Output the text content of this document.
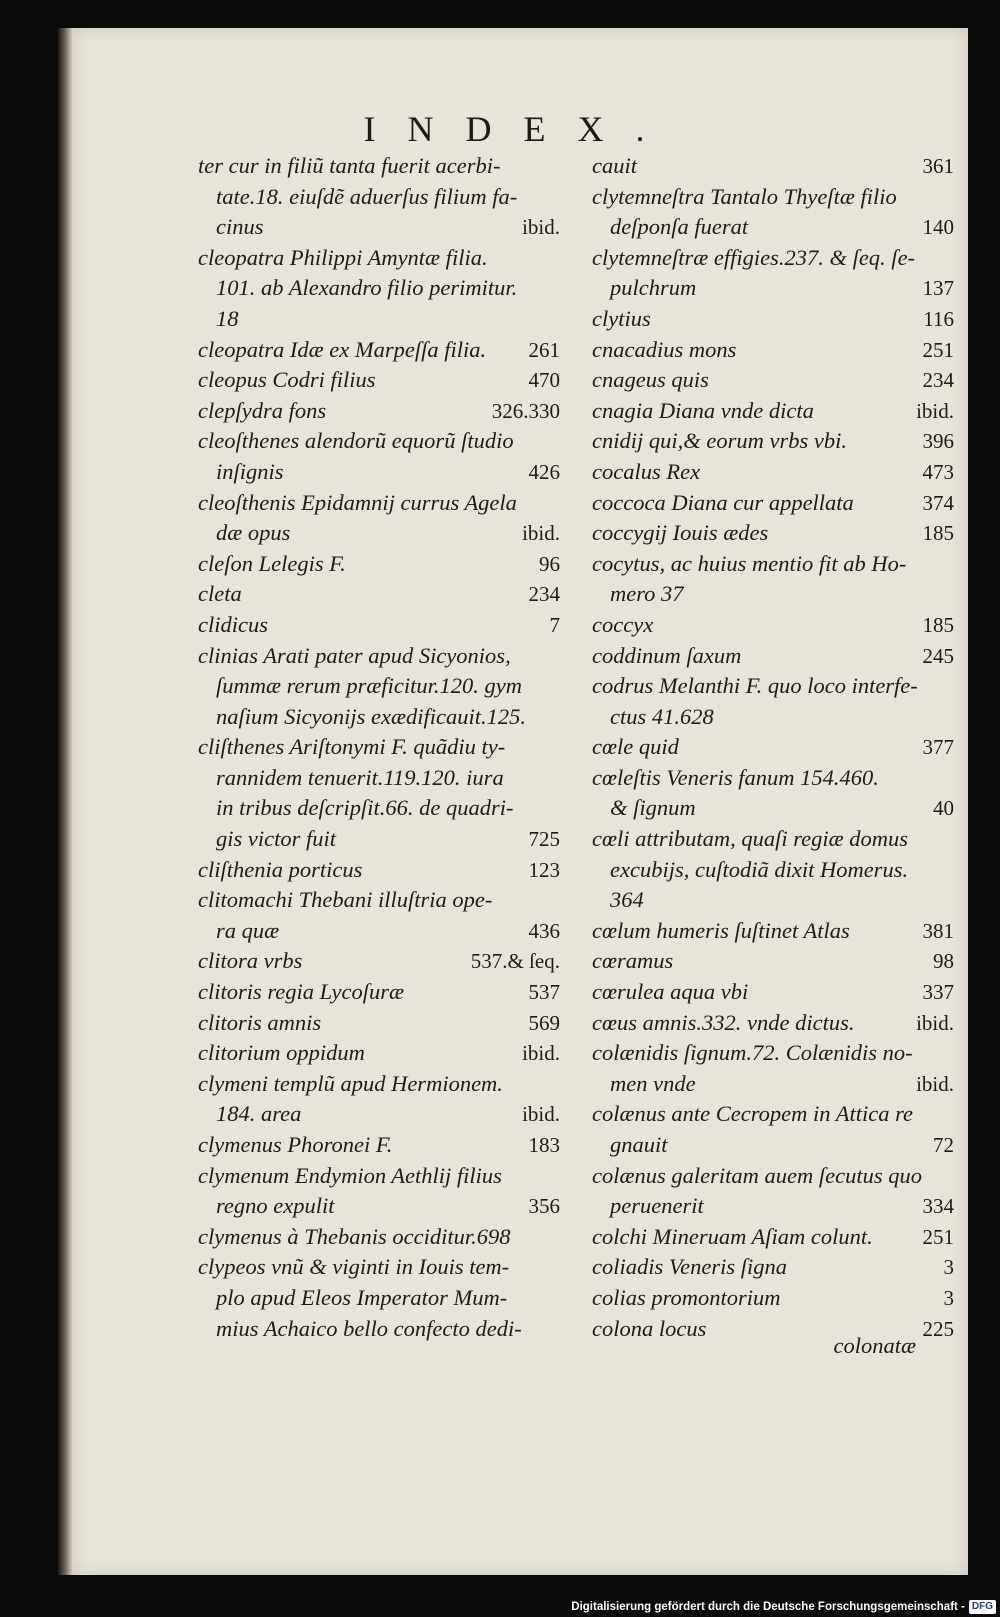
INDEX.
ter cur in filiũ tanta fuerit acerbi-
tate.18. eiuſdẽ aduerſus filium fa-
cinus	ibid.
cleopatra Philippi Amyntæ filia.
101. ab Alexandro filio perimitur.
18
cleopatra Idæ ex Marpeſſa filia.	261
cleopus Codri filius	470
clepſydra fons	326.330
cleoſthenes alendorũ equorũ ſtudio
inſignis	426
cleoſthenis Epidamnij currus Agela
dæ opus	ibid.
cleſon Lelegis F.	96
cleta	234
clidicus	7
clinias Arati pater apud Sicyonios,
ſummæ rerum præficitur.120. gym
naſium Sicyonijs exædificauit.125.
cliſthenes Ariſtonymi F. quãdiu ty-
rannidem tenuerit.119.120. iura
in tribus deſcripſit.66. de quadri-
gis victor fuit	725
cliſthenia porticus	123
clitomachi Thebani illuſtria ope-
ra quæ	436
clitora vrbs	537.& ſeq.
clitoris regia Lycoſuræ	537
clitoris amnis	569
clitorium oppidum	ibid.
clymeni templũ apud Hermionem.
184. area	ibid.
clymenus Phoronei F.	183
clymenum Endymion Aethlij filius
regno expulit	356
clymenus à Thebanis occiditur.698
clypeos vnũ & viginti in Iouis tem-
plo apud Eleos Imperator Mum-
mius Achaico bello confecto dedi-
cauit	361
clytemneſtra Tantalo Thyeſtæ filio
deſponſa fuerat	140
clytemneſtræ effigies.237. & ſeq. ſe-
pulchrum	137
clytius	116
cnacadius mons	251
cnageus quis	234
cnagia Diana vnde dicta	ibid.
cnidij qui,& eorum vrbs vbi.	396
cocalus Rex	473
coccoca Diana cur appellata	374
coccygij Iouis ædes	185
cocytus, ac huius mentio fit ab Ho-
mero 37
coccyx	185
coddinum ſaxum	245
codrus Melanthi F. quo loco interfe-
ctus 41.628
cœle quid	377
cœleſtis Veneris fanum 154.460.
& ſignum	40
cœli attributam, quaſi regiæ domus
excubijs, cuſtodiã dixit Homerus.
364
cœlum humeris ſuſtinet Atlas	381
cœramus	98
cœrulea aqua vbi	337
cœus amnis.332. vnde dictus.	ibid.
colænidis ſignum.72. Colænidis no-
men vnde	ibid.
colænus ante Cecropem in Attica re
gnauit	72
colænus galeritam auem ſecutus quo
peruenerit	334
colchi Mineruam Aſiam colunt.	251
coliadis Veneris ſigna	3
colias promontorium	3
colona locus	225
colonatæ
Digitalisierung gefördert durch die Deutsche Forschungsgemeinschaft - DFG
